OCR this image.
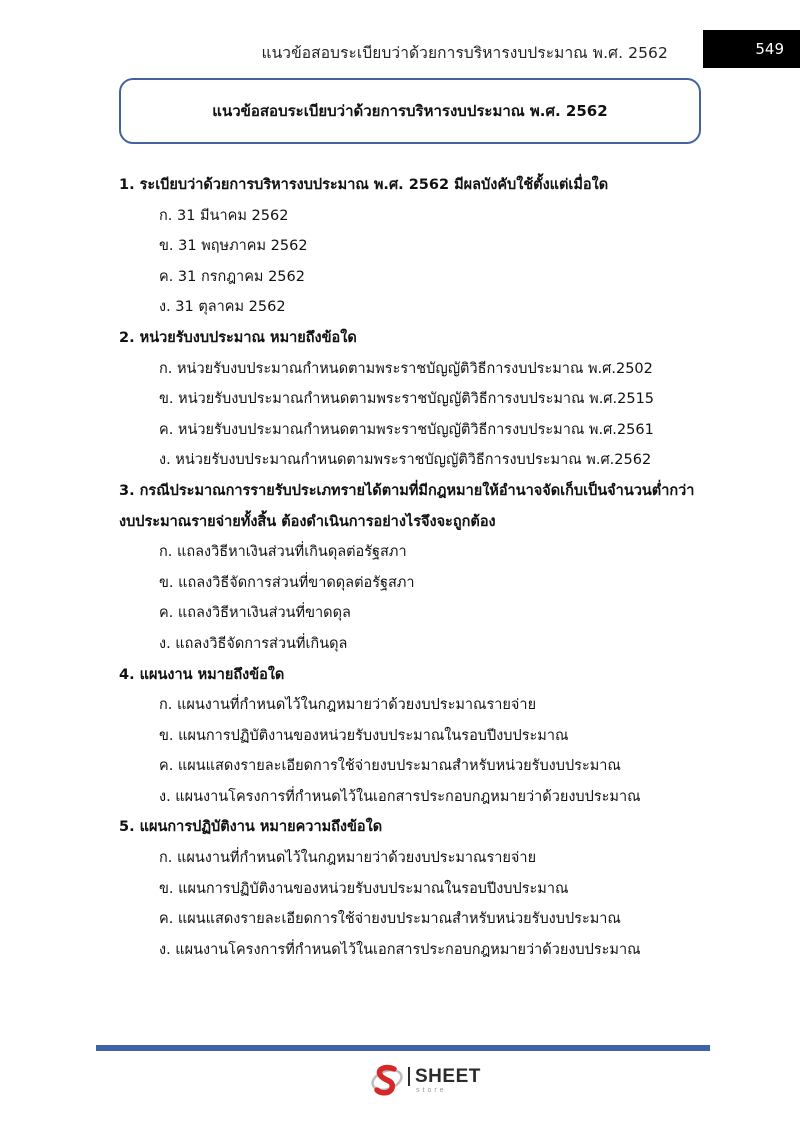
แนวข้อสอบระเบียบว่าด้วยการบริหารงบประมาณ พ.ศ. 2562	549
แนวข้อสอบระเบียบว่าด้วยการบริหารงบประมาณ พ.ศ. 2562

1. ระเบียบว่าด้วยการบริหารงบประมาณ พ.ศ. 2562 มีผลบังคับใช้ตั้งแต่เมื่อใด

ก. 31 มีนาคม 2562

ข. 31 พฤษภาคม 2562

ค. 31 กรกฎาคม 2562

ง. 31 ตุลาคม 2562

2. หน่วยรับงบประมาณ หมายถึงข้อใด

ก. หน่วยรับงบประมาณกำหนดตามพระราชบัญญัติวิธีการงบประมาณ พ.ศ.2502

ข. หน่วยรับงบประมาณกำหนดตามพระราชบัญญัติวิธีการงบประมาณ พ.ศ.2515

ค. หน่วยรับงบประมาณกำหนดตามพระราชบัญญัติวิธีการงบประมาณ พ.ศ.2561

ง. หน่วยรับงบประมาณกำหนดตามพระราชบัญญัติวิธีการงบประมาณ พ.ศ.2562

3. กรณีประมาณการรายรับประเภทรายได้ตามที่มีกฎหมายให้อำนาจจัดเก็บเป็นจำนวนต่ำกว่า

งบประมาณรายจ่ายทั้งสิ้น ต้องดำเนินการอย่างไรจึงจะถูกต้อง

ก. แถลงวิธีหาเงินส่วนที่เกินดุลต่อรัฐสภา

ข. แถลงวิธีจัดการส่วนที่ขาดดุลต่อรัฐสภา

ค. แถลงวิธีหาเงินส่วนที่ขาดดุล

ง. แถลงวิธีจัดการส่วนที่เกินดุล

4. แผนงาน หมายถึงข้อใด

ก. แผนงานที่กำหนดไว้ในกฎหมายว่าด้วยงบประมาณรายจ่าย

ข. แผนการปฏิบัติงานของหน่วยรับงบประมาณในรอบปีงบประมาณ

ค. แผนแสดงรายละเอียดการใช้จ่ายงบประมาณสำหรับหน่วยรับงบประมาณ

ง. แผนงานโครงการที่กำหนดไว้ในเอกสารประกอบกฎหมายว่าด้วยงบประมาณ

5. แผนการปฏิบัติงาน หมายความถึงข้อใด

ก. แผนงานที่กำหนดไว้ในกฎหมายว่าด้วยงบประมาณรายจ่าย

ข. แผนการปฏิบัติงานของหน่วยรับงบประมาณในรอบปีงบประมาณ

ค. แผนแสดงรายละเอียดการใช้จ่ายงบประมาณสำหรับหน่วยรับงบประมาณ

ง. แผนงานโครงการที่กำหนดไว้ในเอกสารประกอบกฎหมายว่าด้วยงบประมาณ

SHEET
store
